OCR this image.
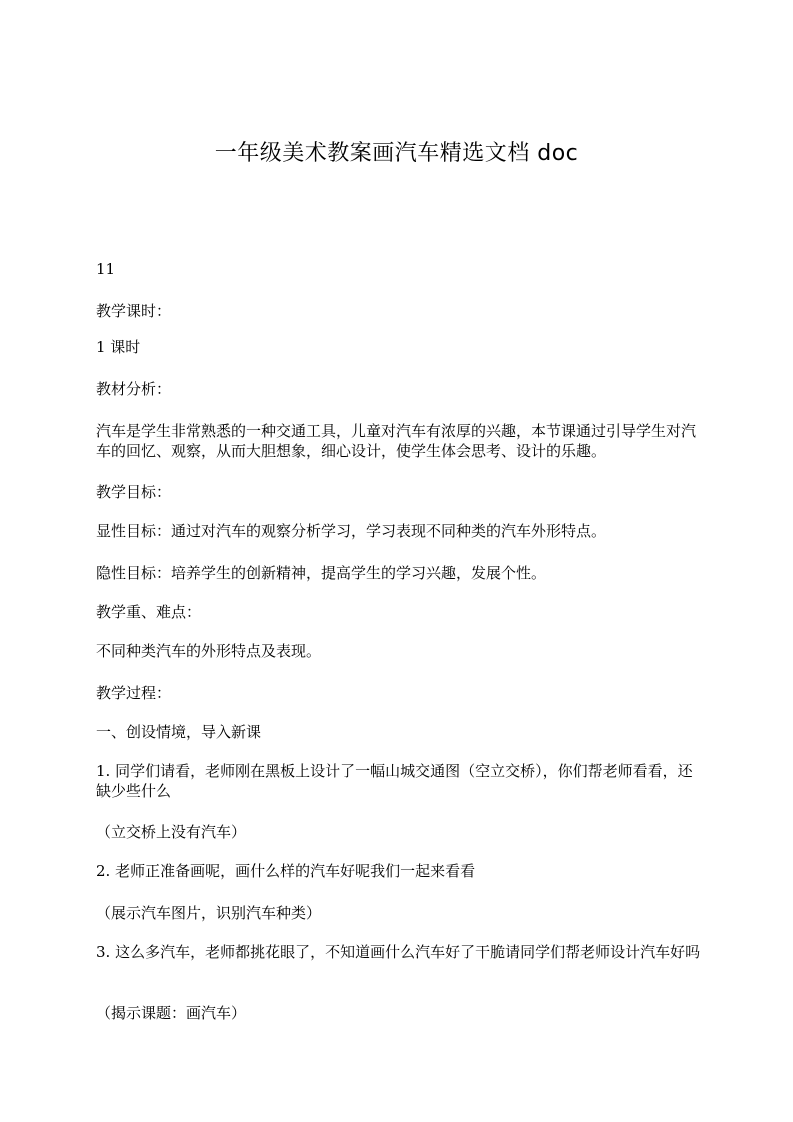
一年级美术教案画汽车精选文档 doc

11

教学课时：

1 课时

教材分析：

汽车是学生非常熟悉的一种交通工具，儿童对汽车有浓厚的兴趣，本节课通过引导学生对汽车的回忆、观察，从而大胆想象，细心设计，使学生体会思考、设计的乐趣。

教学目标：

显性目标：通过对汽车的观察分析学习，学习表现不同种类的汽车外形特点。

隐性目标：培养学生的创新精神，提高学生的学习兴趣，发展个性。

教学重、难点：

不同种类汽车的外形特点及表现。

教学过程：

一、创设情境，导入新课

1. 同学们请看，老师刚在黑板上设计了一幅山城交通图（空立交桥），你们帮老师看看，还缺少些什么

（立交桥上没有汽车）

2. 老师正准备画呢，画什么样的汽车好呢我们一起来看看

（展示汽车图片，识别汽车种类）

3. 这么多汽车，老师都挑花眼了，不知道画什么汽车好了干脆请同学们帮老师设计汽车好吗

（揭示课题：画汽车）
